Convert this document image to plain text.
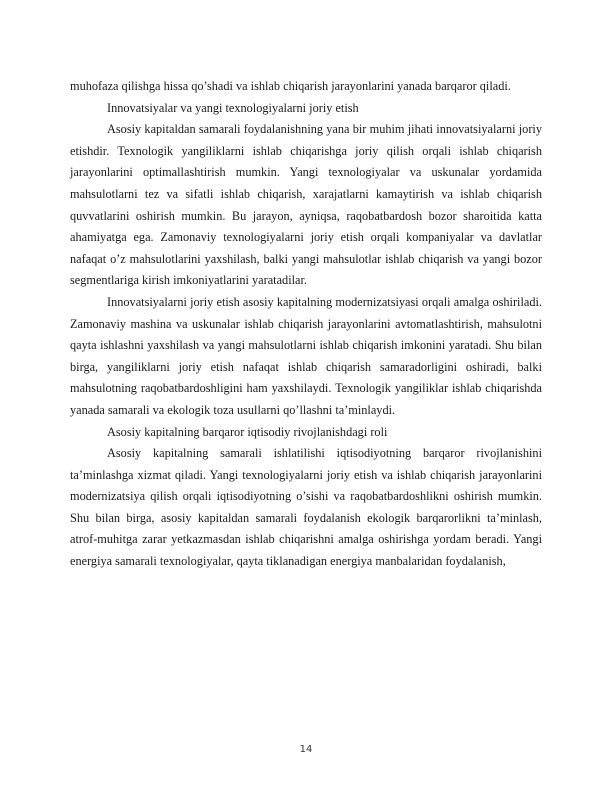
muhofaza qilishga hissa qo’shadi va ishlab chiqarish jarayonlarini yanada barqaror qiladi.

Innovatsiyalar va yangi texnologiyalarni joriy etish

Asosiy kapitaldan samarali foydalanishning yana bir muhim jihati innovatsiyalarni joriy etishdir. Texnologik yangiliklarni ishlab chiqarishga joriy qilish orqali ishlab chiqarish jarayonlarini optimallashtirish mumkin. Yangi texnologiyalar va uskunalar yordamida mahsulotlarni tez va sifatli ishlab chiqarish, xarajatlarni kamaytirish va ishlab chiqarish quvvatlarini oshirish mumkin. Bu jarayon, ayniqsa, raqobatbardosh bozor sharoitida katta ahamiyatga ega. Zamonaviy texnologiyalarni joriy etish orqali kompaniyalar va davlatlar nafaqat o’z mahsulotlarini yaxshilash, balki yangi mahsulotlar ishlab chiqarish va yangi bozor segmentlariga kirish imkoniyatlarini yaratadilar.

Innovatsiyalarni joriy etish asosiy kapitalning modernizatsiyasi orqali amalga oshiriladi. Zamonaviy mashina va uskunalar ishlab chiqarish jarayonlarini avtomatlashtirish, mahsulotni qayta ishlashni yaxshilash va yangi mahsulotlarni ishlab chiqarish imkonini yaratadi. Shu bilan birga, yangiliklarni joriy etish nafaqat ishlab chiqarish samaradorligini oshiradi, balki mahsulotning raqobatbardoshligini ham yaxshilaydi. Texnologik yangiliklar ishlab chiqarishda yanada samarali va ekologik toza usullarni qo’llashni ta’minlaydi.

Asosiy kapitalning barqaror iqtisodiy rivojlanishdagi roli

Asosiy kapitalning samarali ishlatilishi iqtisodiyotning barqaror rivojlanishini ta’minlashga xizmat qiladi. Yangi texnologiyalarni joriy etish va ishlab chiqarish jarayonlarini modernizatsiya qilish orqali iqtisodiyotning o’sishi va raqobatbardoshlikni oshirish mumkin. Shu bilan birga, asosiy kapitaldan samarali foydalanish ekologik barqarorlikni ta’minlash, atrof-muhitga zarar yetkazmasdan ishlab chiqarishni amalga oshirishga yordam beradi. Yangi energiya samarali texnologiyalar, qayta tiklanadigan energiya manbalaridan foydalanish,

14
